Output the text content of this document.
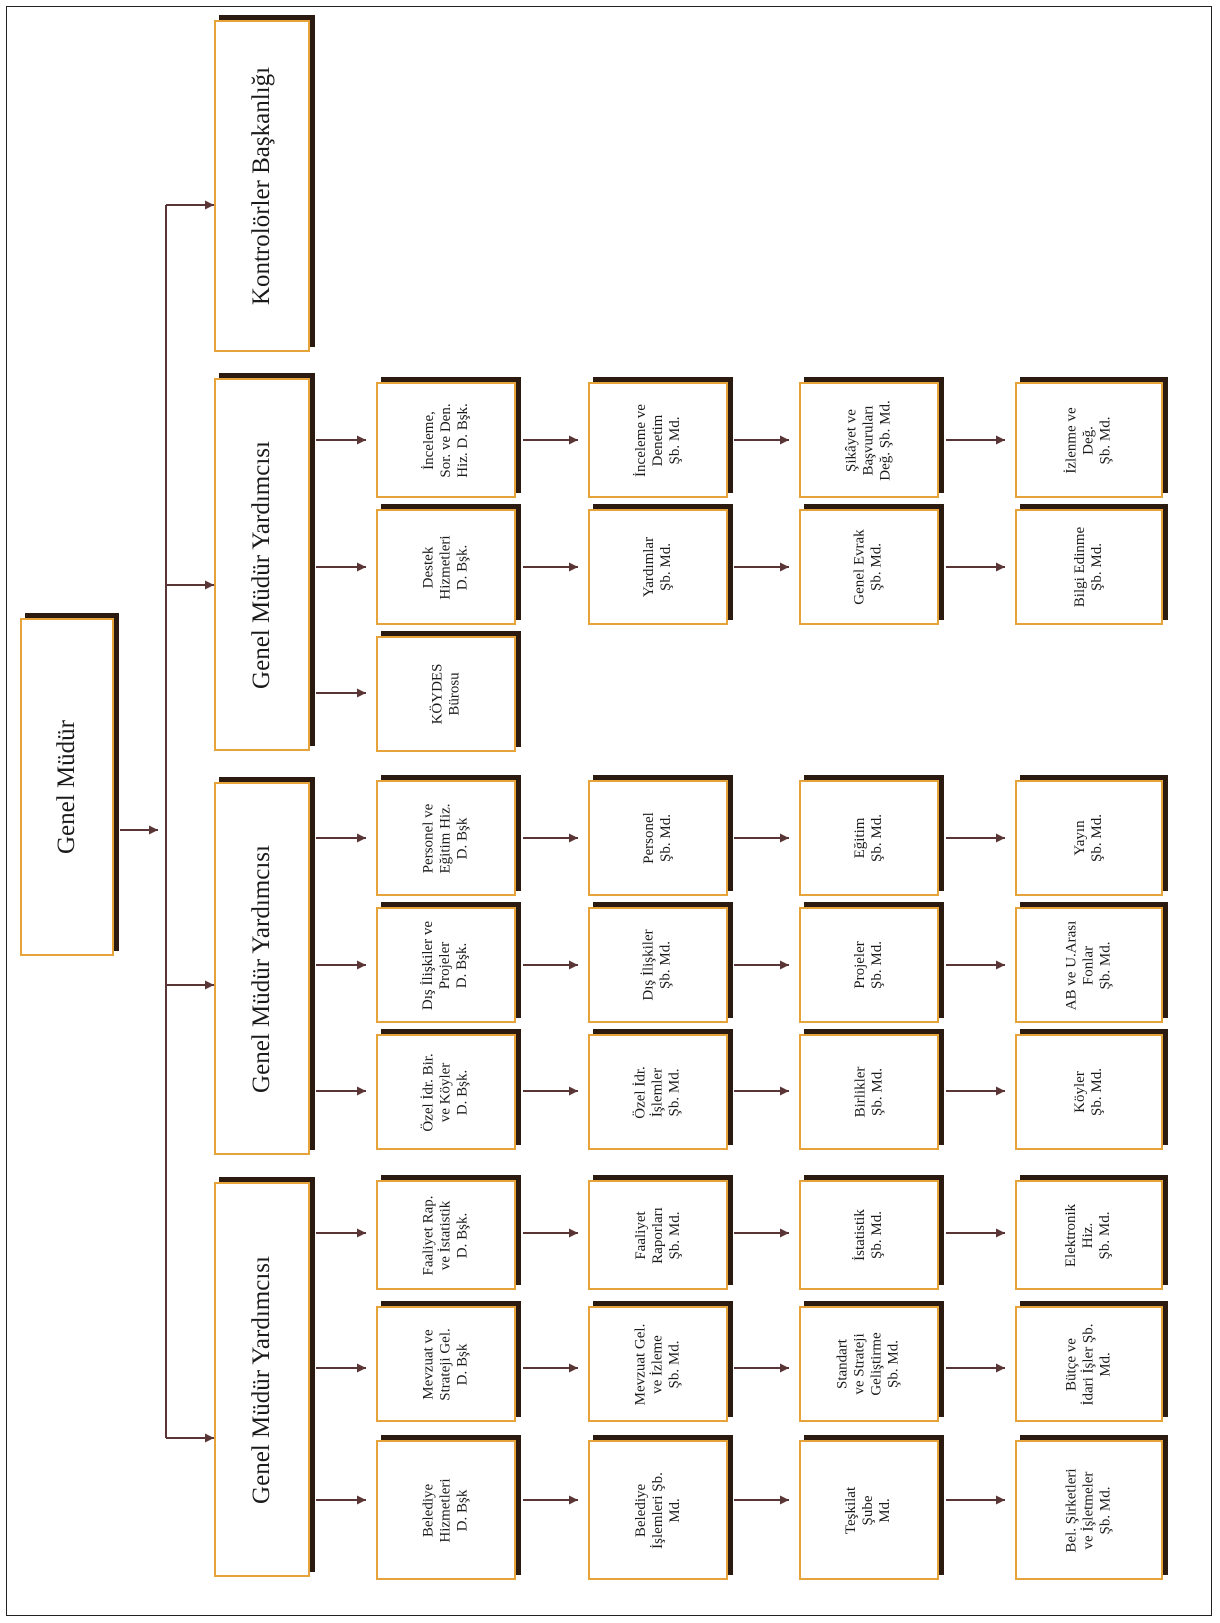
Genel Müdür
Kontrolörler Başkanlığı
Genel Müdür Yardımcısı
Genel Müdür Yardımcısı
Genel Müdür Yardımcısı
İnceleme,
Sor. ve Den.
Hiz. D. Bşk.
İnceleme ve
Denetim
Şb. Md.	Şikâyet ve
Başvuruları
Değ. Şb. Md.
İzlenme ve
Değ.
Şb. Md.
Destek
Hizmetleri
D. Bşk.	Yardımlar
Şb. Md.
Genel Evrak
Şb. Md.
Bilgi Edinme
Şb. Md.
KÖYDES
Bürosu
Personel ve
Eğitim Hiz.
D. Bşk	Personel
Şb. Md.	Eğitim
Şb. Md.	Yayın
Şb. Md.
Dış İlişkiler ve
Projeler
D. Bşk.
Dış İlişkiler
Şb. Md.	Projeler
Şb. Md.
AB ve U.Arası
Fonlar
Şb. Md.
Özel İdr. Bir.
ve Köyler
D. Bşk.
Özel İdr.
İşlemler
Şb. Md.	Birlikler
Şb. Md.	Köyler
Şb. Md.
Faaliyet Rap.
ve İstatistik
D. Bşk.	Faaliyet
Raporları
Şb. Md.	İstatistik
Şb. Md.	Elektronik
Hiz.
Şb. Md.
Mevzuat ve
Strateji Gel.
D. Bşk	Mevzuat Gel.
ve İzleme
Şb. Md.	Standart
ve Strateji
Geliştirme
Şb. Md.
Bütçe ve
İdari İşler Şb.
Md.
Belediye
Hizmetleri
D. Bşk	Belediye
İşlemleri Şb.
Md.	Teşkilat
Şube
Md.
Bel. Şirketleri
ve İşletmeler
Şb. Md.
